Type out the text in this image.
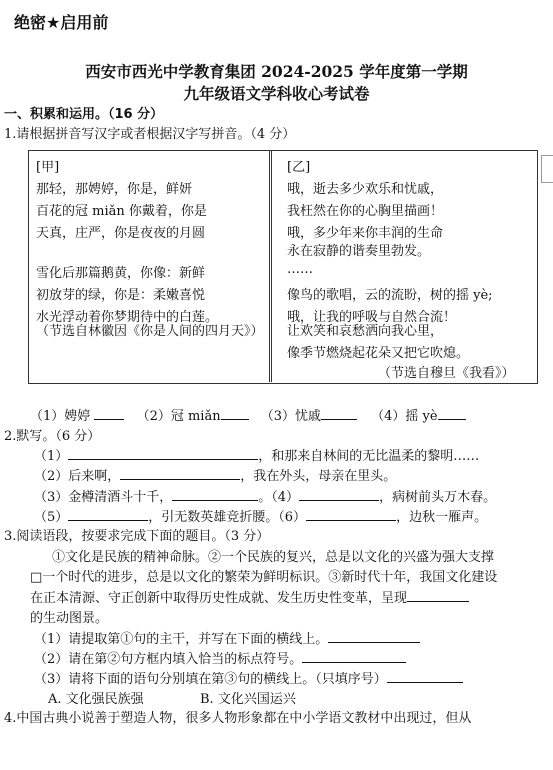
绝密★启用前
西安市西光中学教育集团 2024-2025 学年度第一学期
九年级语文学科收心考试卷
一、积累和运用。（16 分）
1.请根据拼音写汉字或者根据汉字写拼音。（4 分）
[甲]
那轻，那娉婷，你是，鲜妍
百花的冠 miǎn 你戴着，你是
天真，庄严，你是夜夜的月圆
雪化后那篇鹅黄，你像：新鲜
初放芽的绿，你是：柔嫩喜悦
水光浮动着你梦期待中的白莲。
（节选自林徽因《你是人间的四月天》）
[乙]
哦，逝去多少欢乐和忧戚，
我枉然在你的心胸里描画！
哦，多少年来你丰润的生命
永在寂静的谐奏里勃发。
……
像鸟的歌唱，云的流盼，树的摇 yè;
哦，让我的呼吸与自然合流！
让欢笑和哀愁洒向我心里，
像季节燃烧起花朵又把它吹熄。
（节选自穆旦《我看》）
（1）娉婷	（2）冠 miǎn	（3）忧戚	（4）摇 yè
2.默写。（6 分）
（1）	，和那来自林间的无比温柔的黎明……
（2）后来啊，	，我在外头，母亲在里头。
（3）金樽清酒斗十千，	。（4）	，病树前头万木春。
（5）	，引无数英雄竞折腰。（6）	，边秋一雁声。
3.阅读语段，按要求完成下面的题目。（3 分）
①文化是民族的精神命脉。②一个民族的复兴，总是以文化的兴盛为强大支撑
□一个时代的进步，总是以文化的繁荣为鲜明标识。③新时代十年，我国文化建设
在正本清源、守正创新中取得历史性成就、发生历史性变革，呈现
的生动图景。
（1）请提取第①句的主干，并写在下面的横线上。
（2）请在第②句方框内填入恰当的标点符号。
（3）请将下面的语句分别填在第③句的横线上。（只填序号）
A. 文化强民族强	B. 文化兴国运兴
4.中国古典小说善于塑造人物，很多人物形象都在中小学语文教材中出现过，但从
